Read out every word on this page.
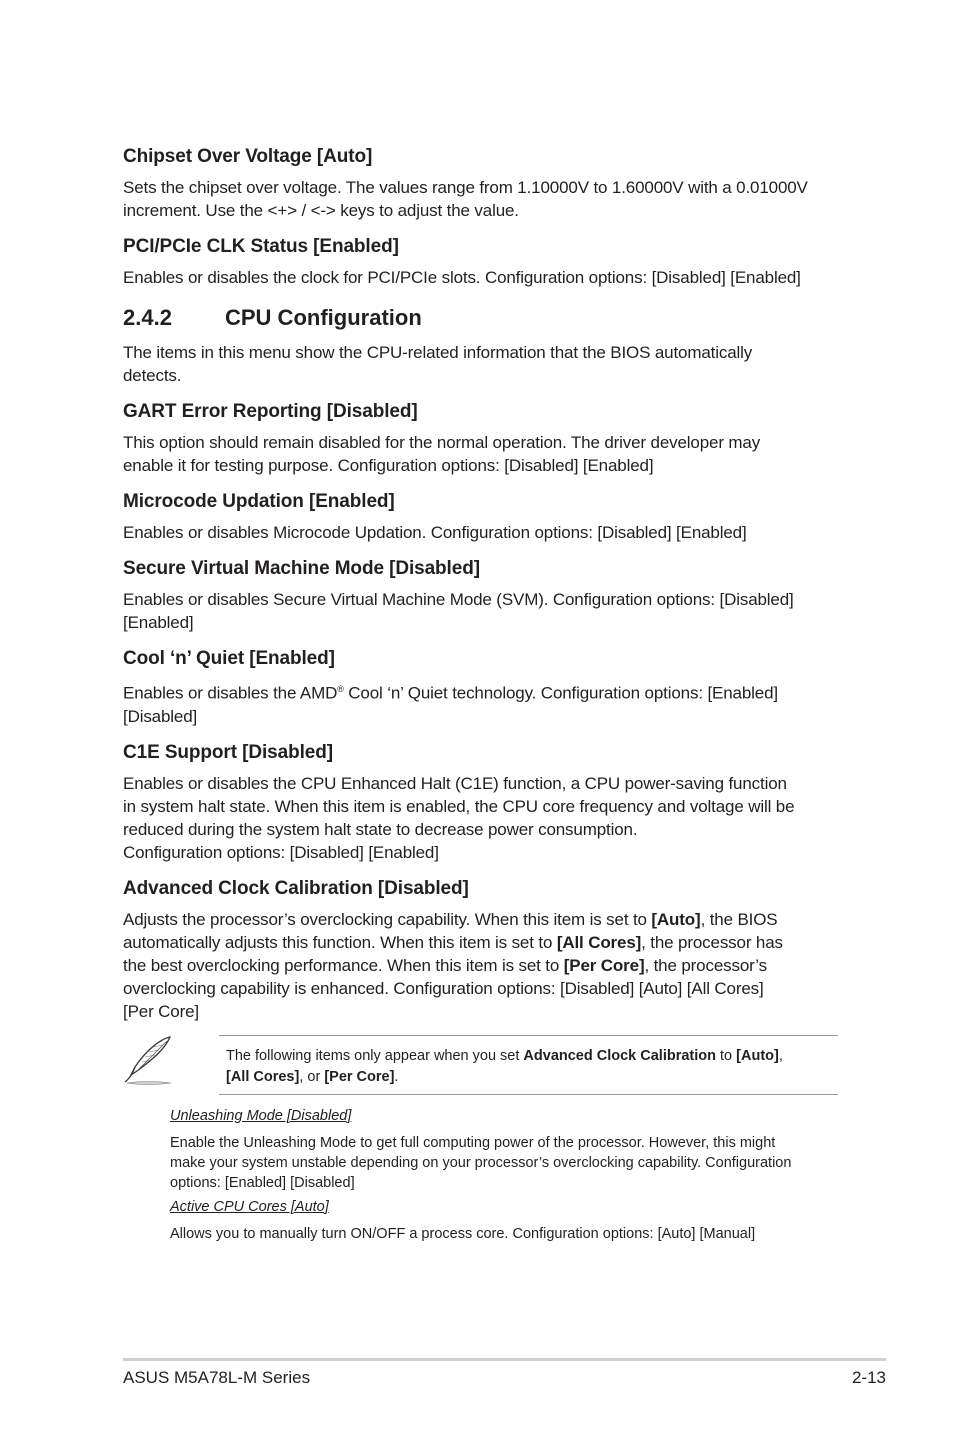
Chipset Over Voltage [Auto]

Sets the chipset over voltage. The values range from 1.10000V to 1.60000V with a 0.01000V
increment. Use the <+> / <-> keys to adjust the value.

PCI/PCIe CLK Status [Enabled]

Enables or disables the clock for PCI/PCIe slots. Configuration options: [Disabled] [Enabled]

2.4.2 CPU Configuration

The items in this menu show the CPU-related information that the BIOS automatically
detects.

GART Error Reporting [Disabled]

This option should remain disabled for the normal operation. The driver developer may
enable it for testing purpose. Configuration options: [Disabled] [Enabled]

Microcode Updation [Enabled]

Enables or disables Microcode Updation. Configuration options: [Disabled] [Enabled]

Secure Virtual Machine Mode [Disabled]

Enables or disables Secure Virtual Machine Mode (SVM). Configuration options: [Disabled]
[Enabled]

Cool ‘n’ Quiet [Enabled]

Enables or disables the AMD® Cool ‘n’ Quiet technology. Configuration options: [Enabled]
[Disabled]

C1E Support [Disabled]

Enables or disables the CPU Enhanced Halt (C1E) function, a CPU power-saving function
in system halt state. When this item is enabled, the CPU core frequency and voltage will be
reduced during the system halt state to decrease power consumption.
Configuration options: [Disabled] [Enabled]

Advanced Clock Calibration [Disabled]

Adjusts the processor’s overclocking capability. When this item is set to [Auto], the BIOS
automatically adjusts this function. When this item is set to [All Cores], the processor has
the best overclocking performance. When this item is set to [Per Core], the processor’s
overclocking capability is enhanced. Configuration options: [Disabled] [Auto] [All Cores]
[Per Core]

The following items only appear when you set Advanced Clock Calibration to [Auto],
[All Cores], or [Per Core].

Unleashing Mode [Disabled]

Enable the Unleashing Mode to get full computing power of the processor. However, this might
make your system unstable depending on your processor’s overclocking capability. Configuration
options: [Enabled] [Disabled]

Active CPU Cores [Auto]

Allows you to manually turn ON/OFF a process core. Configuration options: [Auto] [Manual]

ASUS M5A78L-M Series	2-13
